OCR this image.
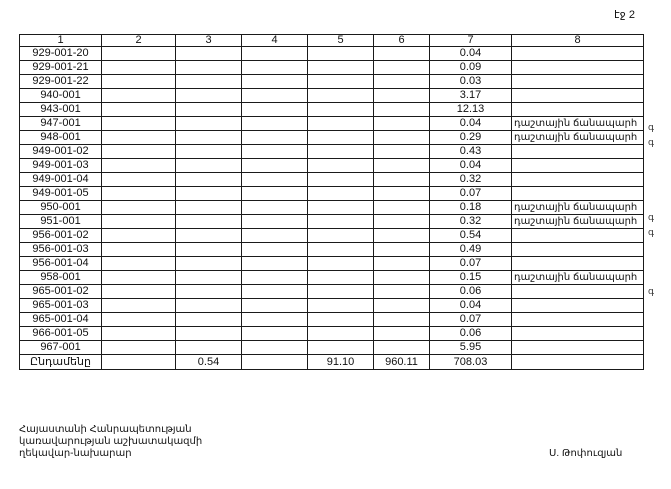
էջ 2
1	2	3	4	5	6	7	8
929-001-20						0.04	
929-001-21						0.09	
929-001-22						0.03	
940-001						3.17	
943-001						12.13	
947-001						0.04	դաշտային ճանապարհ
948-001						0.29	դաշտային ճանապարհ
949-001-02						0.43	
949-001-03						0.04	
949-001-04						0.32	
949-001-05						0.07	
950-001						0.18	դաշտային ճանապարհ
951-001						0.32	դաշտային ճանապարհ
956-001-02						0.54	
956-001-03						0.49	
956-001-04						0.07	
958-001						0.15	դաշտային ճանապարհ
965-001-02						0.06	
965-001-03						0.04	
965-001-04						0.07	
966-001-05						0.06	
967-001						5.95	
Ընդամենը		0.54		91.10	960.11	708.03	
գ
գ
գ
գ
գ
Հայաստանի Հանրապետության
կառավարության աշխատակազմի
ղեկավար-նախարար	Ս. Թոփուզյան
